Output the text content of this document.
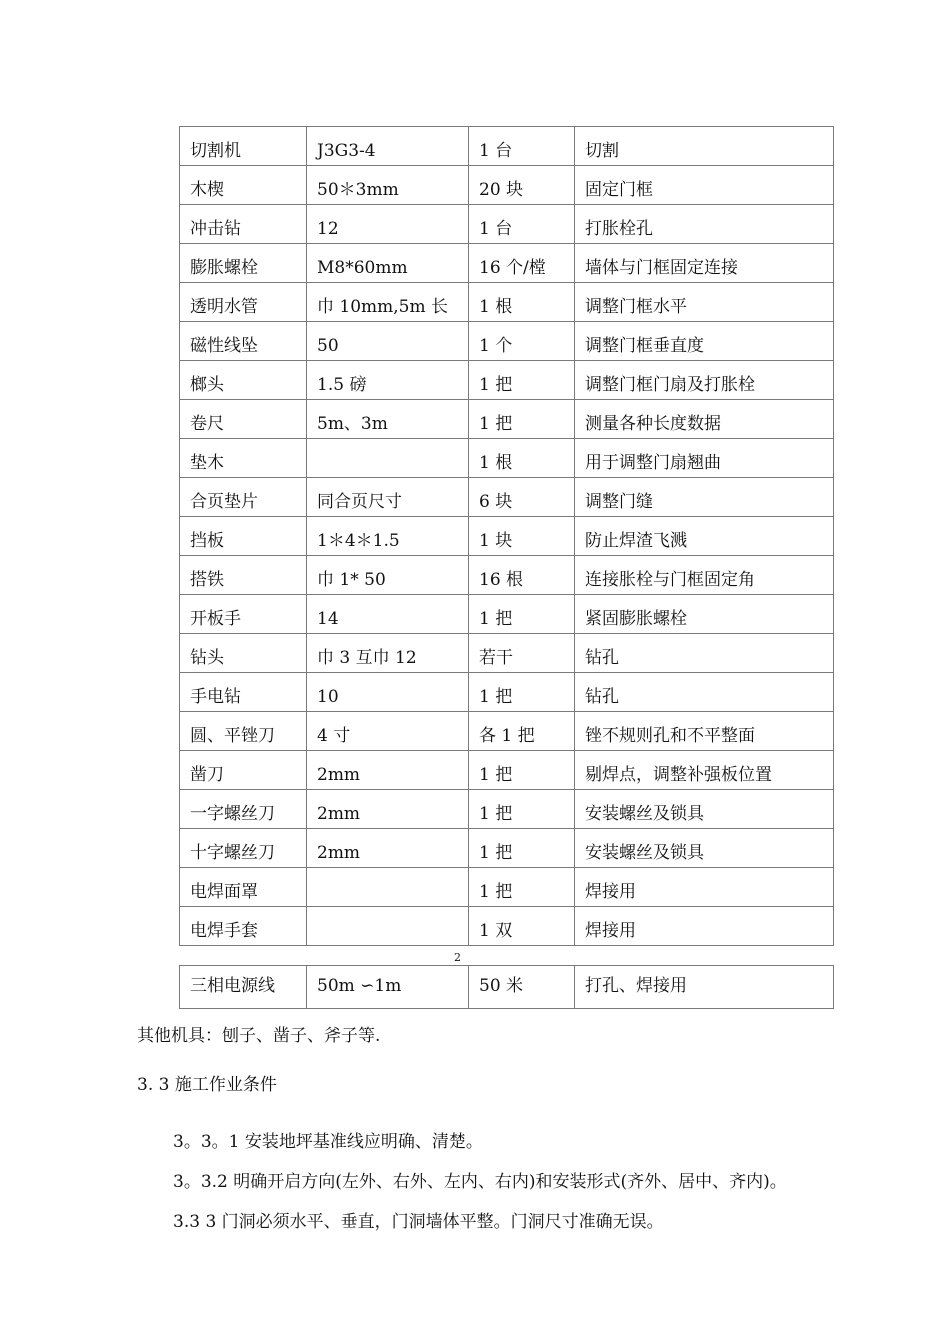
切割机	J3G3-4	1 台	切割

木楔	50＊3mm	20 块	固定门框

冲击钻	12	1 台	打胀栓孔

膨胀螺栓	M8*60mm	16 个/樘	墙体与门框固定连接

透明水管	巾 10mm,5m 长	1 根	调整门框水平

磁性线坠	50	1 个	调整门框垂直度

榔头	1.5 磅	1 把	调整门框门扇及打胀栓

卷尺	5m、3m	1 把	测量各种长度数据

垫木		1 根	用于调整门扇翘曲

合页垫片	同合页尺寸	6 块	调整门缝

挡板	1＊4＊1.5	1 块	防止焊渣飞溅

搭铁	巾 1* 50	16 根	连接胀栓与门框固定角

开板手	14	1 把	紧固膨胀螺栓

钻头	巾 3 互巾 12	若干	钻孔

手电钻	10	1 把	钻孔

圆、平锉刀	4 寸	各 1 把	锉不规则孔和不平整面

凿刀	2mm	1 把	剔焊点，调整补强板位置

一字螺丝刀	2mm	1 把	安装螺丝及锁具

十字螺丝刀	2mm	1 把	安装螺丝及锁具

电焊面罩		1 把	焊接用

电焊手套		1 双	焊接用
2
三相电源线	50m ∽1m	50 米	打孔、焊接用
其他机具：刨子、凿子、斧子等.
3. 3 施工作业条件
3。3。1 安装地坪基准线应明确、清楚。
3。3.2 明确开启方向(左外、右外、左内、右内)和安装形式(齐外、居中、齐内)。
3.3 3 门洞必须水平、垂直，门洞墙体平整。门洞尺寸准确无误。
